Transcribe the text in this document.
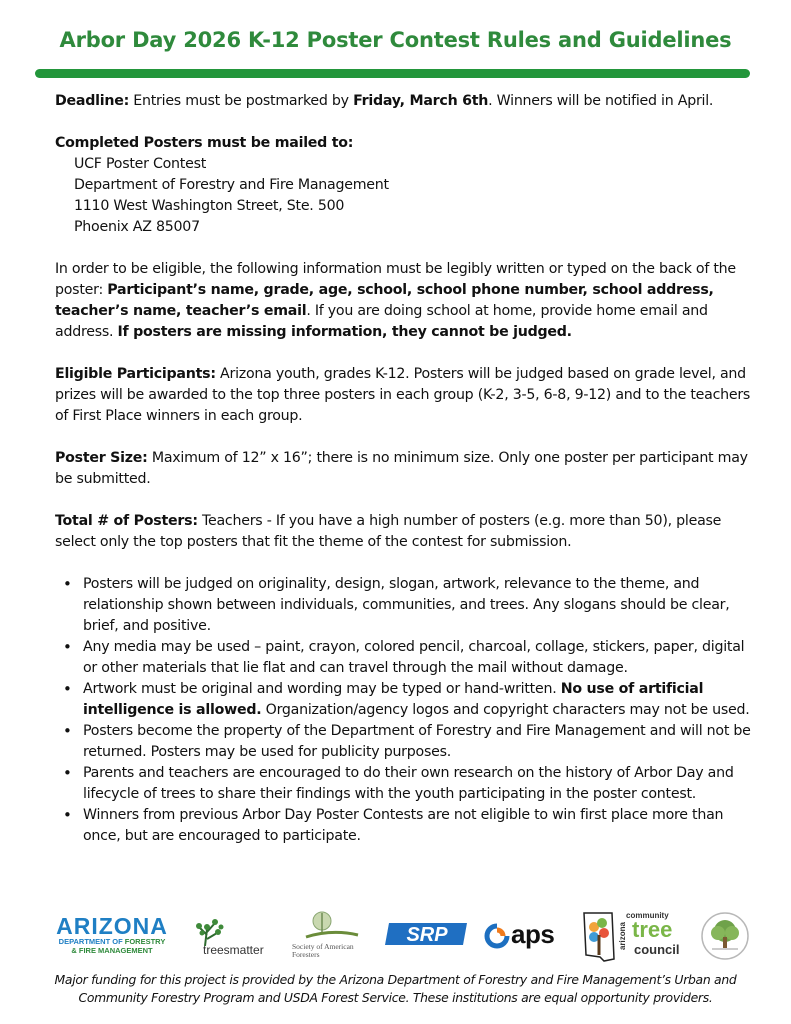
Arbor Day 2026 K-12 Poster Contest Rules and Guidelines

Deadline: Entries must be postmarked by Friday, March 6th. Winners will be notified in April.

Completed Posters must be mailed to:
UCF Poster Contest
Department of Forestry and Fire Management
1110 West Washington Street, Ste. 500
Phoenix AZ 85007

In order to be eligible, the following information must be legibly written or typed on the back of the poster: Participant’s name, grade, age, school, school phone number, school address, teacher’s name, teacher’s email. If you are doing school at home, provide home email and address. If posters are missing information, they cannot be judged.

Eligible Participants: Arizona youth, grades K-12. Posters will be judged based on grade level, and prizes will be awarded to the top three posters in each group (K-2, 3-5, 6-8, 9-12) and to the teachers of First Place winners in each group.

Poster Size: Maximum of 12” x 16”; there is no minimum size. Only one poster per participant may be submitted.

Total # of Posters: Teachers - If you have a high number of posters (e.g. more than 50), please select only the top posters that fit the theme of the contest for submission.

• Posters will be judged on originality, design, slogan, artwork, relevance to the theme, and relationship shown between individuals, communities, and trees. Any slogans should be clear, brief, and positive.
• Any media may be used – paint, crayon, colored pencil, charcoal, collage, stickers, paper, digital or other materials that lie flat and can travel through the mail without damage.
• Artwork must be original and wording may be typed or hand-written. No use of artificial intelligence is allowed. Organization/agency logos and copyright characters may not be used.
• Posters become the property of the Department of Forestry and Fire Management and will not be returned. Posters may be used for publicity purposes.
• Parents and teachers are encouraged to do their own research on the history of Arbor Day and lifecycle of trees to share their findings with the youth participating in the poster contest.
• Winners from previous Arbor Day Poster Contests are not eligible to win first place more than once, but are encouraged to participate.
ARIZONA
DEPARTMENT OF FORESTRY
& FIRE MANAGEMENT	treesmatter	Society of American Foresters
SRP aps	arizona
community
tree
council
Major funding for this project is provided by the Arizona Department of Forestry and Fire Management’s Urban and Community Forestry Program and USDA Forest Service. These institutions are equal opportunity providers.
